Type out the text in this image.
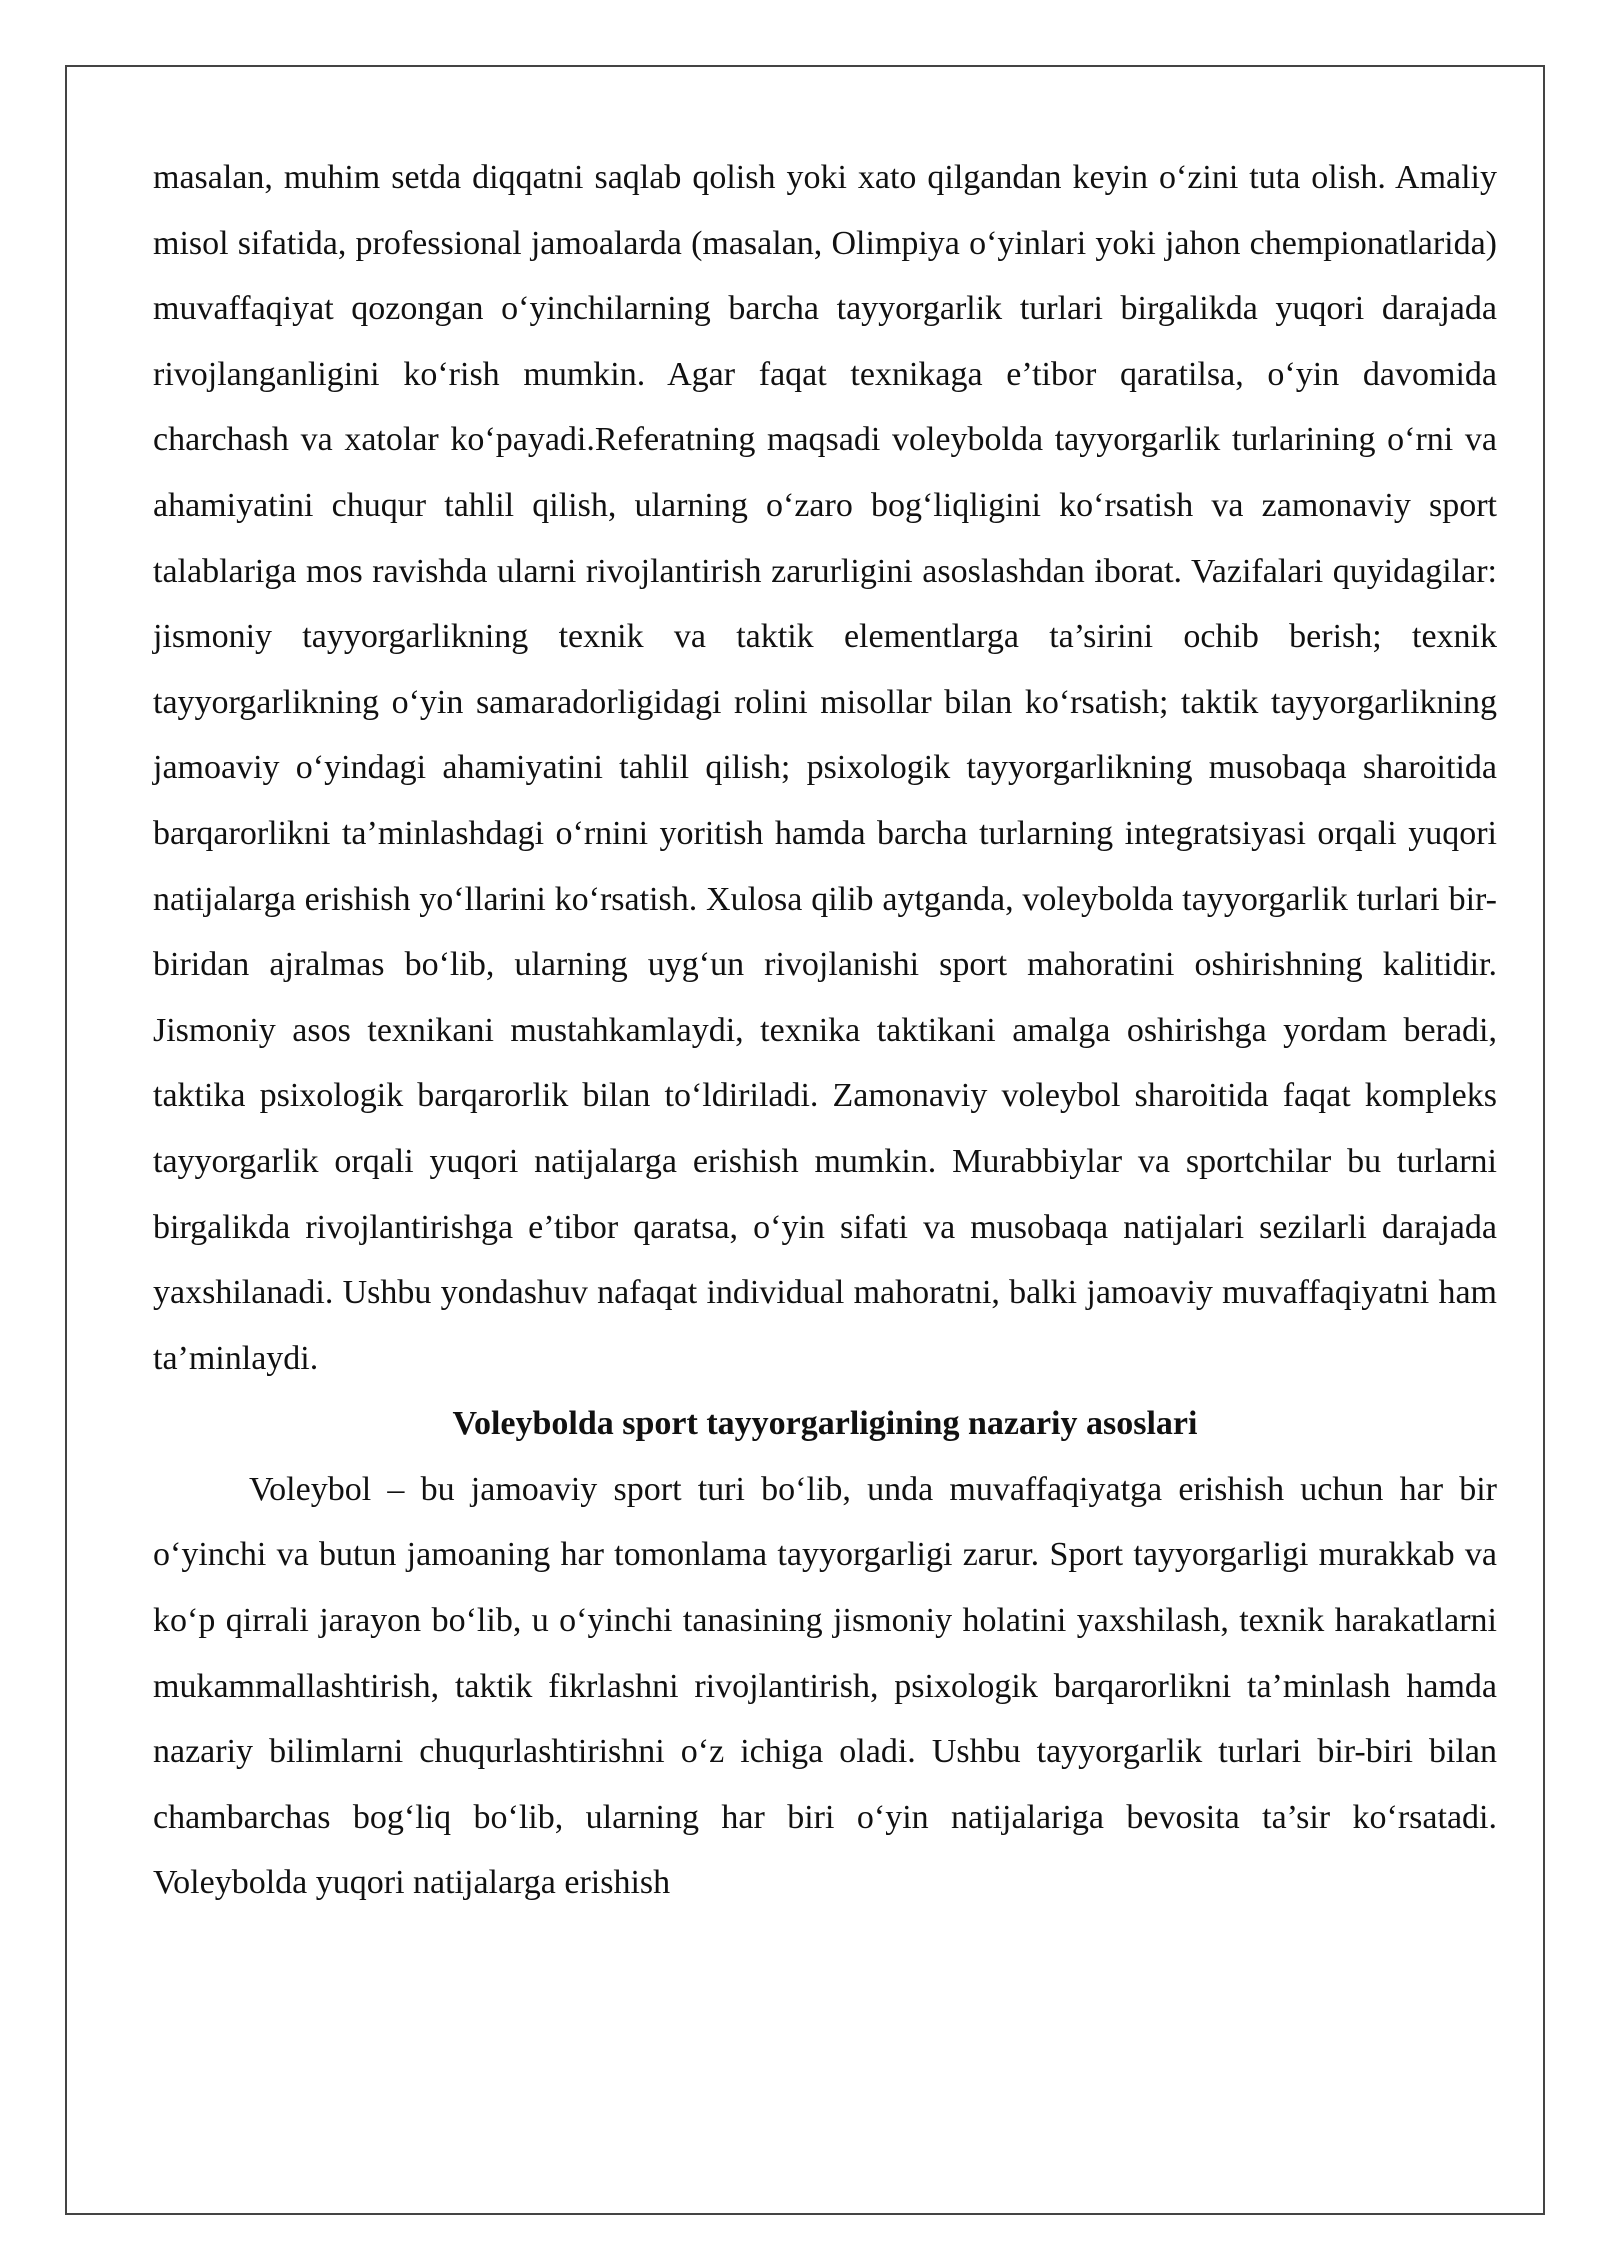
masalan, muhim setda diqqatni saqlab qolish yoki xato qilgandan keyin o‘zini tuta olish. Amaliy misol sifatida, professional jamoalarda (masalan, Olimpiya o‘yinlari yoki jahon chempionatlarida) muvaffaqiyat qozongan o‘yinchilarning barcha tayyorgarlik turlari birgalikda yuqori darajada rivojlanganligini ko‘rish mumkin. Agar faqat texnikaga e’tibor qaratilsa, o‘yin davomida charchash va xatolar ko‘payadi.Referatning maqsadi voleybolda tayyorgarlik turlarining o‘rni va ahamiyatini chuqur tahlil qilish, ularning o‘zaro bog‘liqligini ko‘rsatish va zamonaviy sport talablariga mos ravishda ularni rivojlantirish zarurligini asoslashdan iborat. Vazifalari quyidagilar: jismoniy tayyorgarlikning texnik va taktik elementlarga ta’sirini ochib berish; texnik tayyorgarlikning o‘yin samaradorligidagi rolini misollar bilan ko‘rsatish; taktik tayyorgarlikning jamoaviy o‘yindagi ahamiyatini tahlil qilish; psixologik tayyorgarlikning musobaqa sharoitida barqarorlikni ta’minlashdagi o‘rnini yoritish hamda barcha turlarning integratsiyasi orqali yuqori natijalarga erishish yo‘llarini ko‘rsatish. Xulosa qilib aytganda, voleybolda tayyorgarlik turlari bir-biridan ajralmas bo‘lib, ularning uyg‘un rivojlanishi sport mahoratini oshirishning kalitidir. Jismoniy asos texnikani mustahkamlaydi, texnika taktikani amalga oshirishga yordam beradi, taktika psixologik barqarorlik bilan to‘ldiriladi. Zamonaviy voleybol sharoitida faqat kompleks tayyorgarlik orqali yuqori natijalarga erishish mumkin. Murabbiylar va sportchilar bu turlarni birgalikda rivojlantirishga e’tibor qaratsa, o‘yin sifati va musobaqa natijalari sezilarli darajada yaxshilanadi. Ushbu yondashuv nafaqat individual mahoratni, balki jamoaviy muvaffaqiyatni ham ta’minlaydi.

Voleybolda sport tayyorgarligining nazariy asoslari

Voleybol – bu jamoaviy sport turi bo‘lib, unda muvaffaqiyatga erishish uchun har bir o‘yinchi va butun jamoaning har tomonlama tayyorgarligi zarur. Sport tayyorgarligi murakkab va ko‘p qirrali jarayon bo‘lib, u o‘yinchi tanasining jismoniy holatini yaxshilash, texnik harakatlarni mukammallashtirish, taktik fikrlashni rivojlantirish, psixologik barqarorlikni ta’minlash hamda nazariy bilimlarni chuqurlashtirishni o‘z ichiga oladi. Ushbu tayyorgarlik turlari bir-biri bilan chambarchas bog‘liq bo‘lib, ularning har biri o‘yin natijalariga bevosita ta’sir ko‘rsatadi. Voleybolda yuqori natijalarga erishish
